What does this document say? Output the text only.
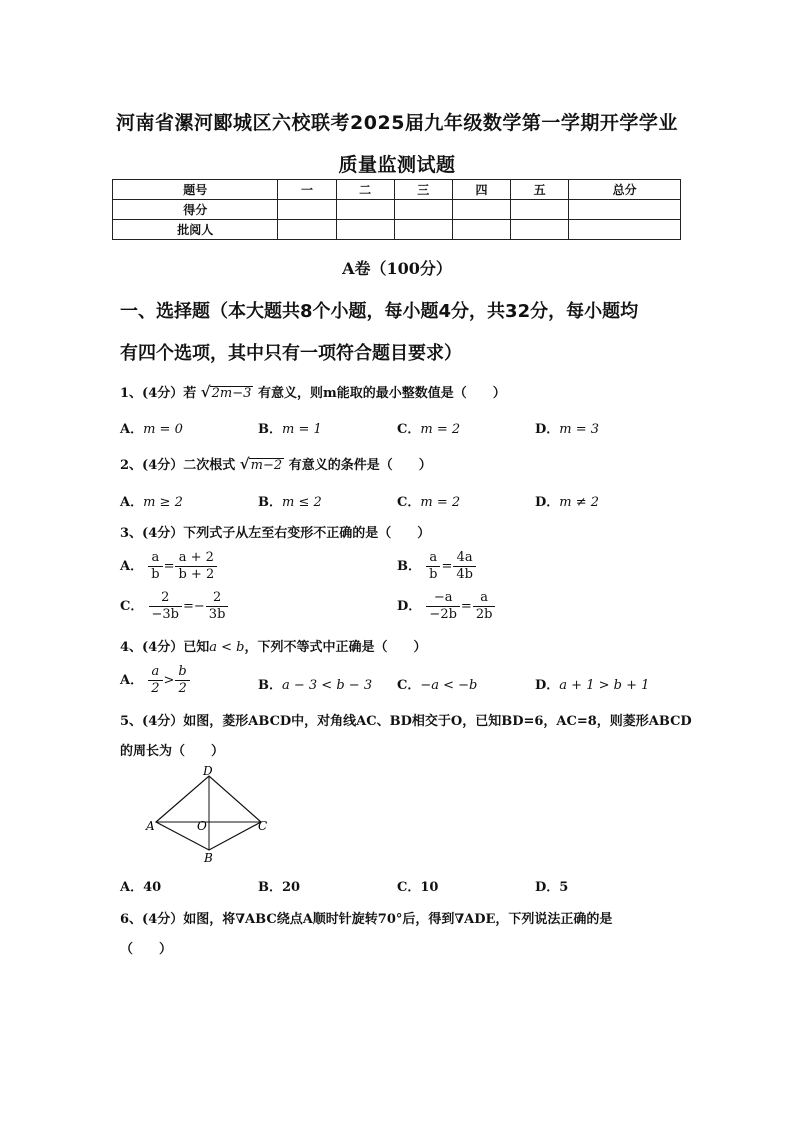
河南省漯河郾城区六校联考2025届九年级数学第一学期开学学业
质量监测试题
题号	一	二	三	四	五	总分
得分						
批阅人						
A卷（100分）
一、选择题（本大题共8个小题，每小题4分，共32分，每小题均
有四个选项，其中只有一项符合题目要求）
1、(4分）若 √2m−3 有意义，则m能取的最小整数值是（　　）
A．m = 0	B．m = 1	C．m = 2	D．m = 3
2、(4分）二次根式 √m−2 有意义的条件是（　　）
A．m ≥ 2	B．m ≤ 2	C．m = 2	D．m ≠ 2
3、(4分）下列式子从左至右变形不正确的是（　　）
A． $\frac{a}{b} = \frac{a + 2}{b + 2}$	B． $\frac{a}{b} = \frac{4a}{4b}$
C． $\frac{2}{-3b} =- \frac{2}{3b}$	D． $\frac{-a}{-2b} = \frac{a}{2b}$
4、(4分）已知a < b，下列不等式中正确是（　　）
A． $\frac{a}{2} > \frac{b}{2}$	B．a − 3 < b − 3 C．−a < −b	D．a + 1 > b + 1
5、(4分）如图，菱形ABCD中，对角线AC、BD相交于O，已知BD=6，AC=8，则菱形ABCD
的周长为（　　）
D
A	O	C
B
A．40	B．20	C．10	D．5
6、(4分）如图，将∇ABC绕点A顺时针旋转70°后，得到∇ADE，下列说法正确的是
（　　）
